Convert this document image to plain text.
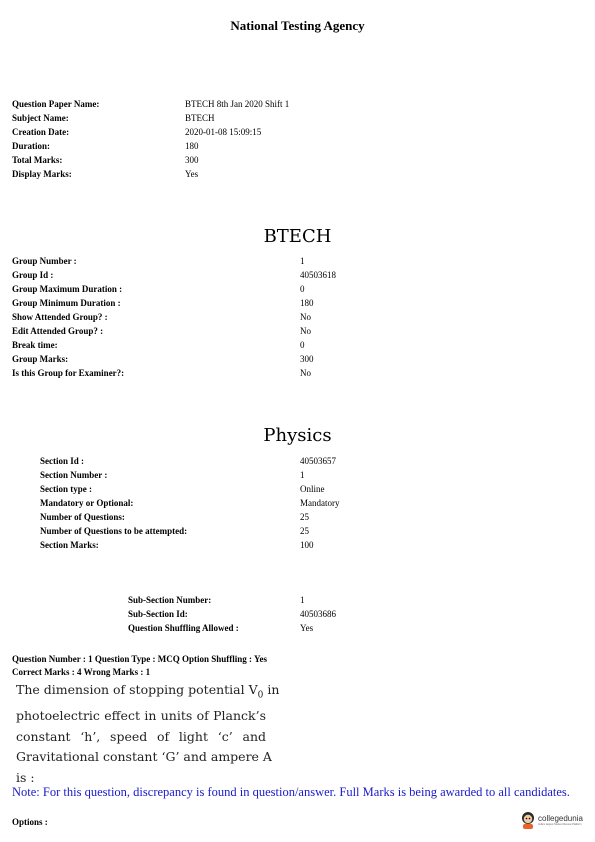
National Testing Agency
Question Paper Name:	BTECH 8th Jan 2020 Shift 1
Subject Name:	BTECH
Creation Date:	2020-01-08 15:09:15
Duration:	180
Total Marks:	300
Display Marks:	Yes
BTECH
Group Number :	1
Group Id :	40503618
Group Maximum Duration :	0
Group Minimum Duration :	180
Show Attended Group? :	No
Edit Attended Group? :	No
Break time:	0
Group Marks:	300
Is this Group for Examiner?:	No
Physics
Section Id :	40503657
Section Number :	1
Section type :	Online
Mandatory or Optional:	Mandatory
Number of Questions:	25
Number of Questions to be attempted:	25
Section Marks:	100
Sub-Section Number:	1
Sub-Section Id:	40503686
Question Shuffling Allowed :	Yes
Question Number : 1 Question Type : MCQ Option Shuffling : Yes
Correct Marks : 4 Wrong Marks : 1
The dimension of stopping potential $V_0$ in
photoelectric effect in units of Planck’s
constant ‘h’, speed of light ‘c’ and
Gravitational constant ‘G’ and ampere A
is :
Note: For this question, discrepancy is found in question/answer. Full Marks is being awarded to all candidates.
Options :	collegedunia
India's largest Student Review Platform
